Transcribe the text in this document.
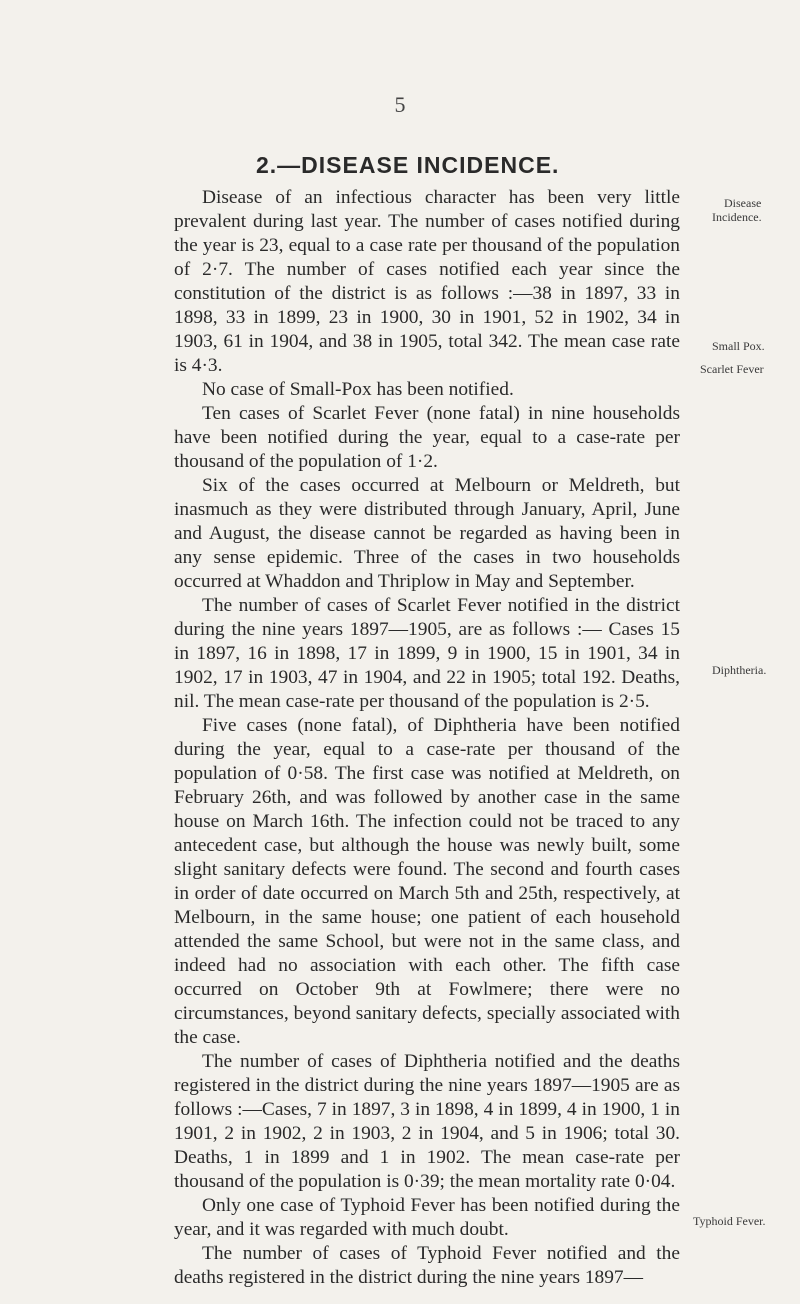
5
2.—DISEASE INCIDENCE.
Disease
Incidence.
Small Pox.
Scarlet Fever
Diphtheria.
Typhoid Fever.

Disease of an infectious character has been very little prevalent during last year. The number of cases notified during the year is 23, equal to a case rate per thousand of the population of 2·7. The number of cases notified each year since the constitution of the district is as follows :—38 in 1897, 33 in 1898, 33 in 1899, 23 in 1900, 30 in 1901, 52 in 1902, 34 in 1903, 61 in 1904, and 38 in 1905, total 342. The mean case rate is 4·3.

No case of Small-Pox has been notified.

Ten cases of Scarlet Fever (none fatal) in nine households have been notified during the year, equal to a case-rate per thousand of the population of 1·2.

Six of the cases occurred at Melbourn or Meldreth, but inasmuch as they were distributed through January, April, June and August, the disease cannot be regarded as having been in any sense epidemic. Three of the cases in two households occurred at Whaddon and Thriplow in May and September.

The number of cases of Scarlet Fever notified in the district during the nine years 1897—1905, are as follows :— Cases 15 in 1897, 16 in 1898, 17 in 1899, 9 in 1900, 15 in 1901, 34 in 1902, 17 in 1903, 47 in 1904, and 22 in 1905; total 192. Deaths, nil. The mean case-rate per thousand of the population is 2·5.

Five cases (none fatal), of Diphtheria have been notified during the year, equal to a case-rate per thousand of the population of 0·58. The first case was notified at Meldreth, on February 26th, and was followed by another case in the same house on March 16th. The infection could not be traced to any antecedent case, but although the house was newly built, some slight sanitary defects were found. The second and fourth cases in order of date occurred on March 5th and 25th, respectively, at Melbourn, in the same house; one patient of each household attended the same School, but were not in the same class, and indeed had no association with each other. The fifth case occurred on October 9th at Fowlmere; there were no circumstances, beyond sanitary defects, specially associated with the case.

The number of cases of Diphtheria notified and the deaths registered in the district during the nine years 1897—1905 are as follows :—Cases, 7 in 1897, 3 in 1898, 4 in 1899, 4 in 1900, 1 in 1901, 2 in 1902, 2 in 1903, 2 in 1904, and 5 in 1906; total 30. Deaths, 1 in 1899 and 1 in 1902. The mean case-rate per thousand of the population is 0·39; the mean mortality rate 0·04.

Only one case of Typhoid Fever has been notified during the year, and it was regarded with much doubt.

The number of cases of Typhoid Fever notified and the deaths registered in the district during the nine years 1897—
